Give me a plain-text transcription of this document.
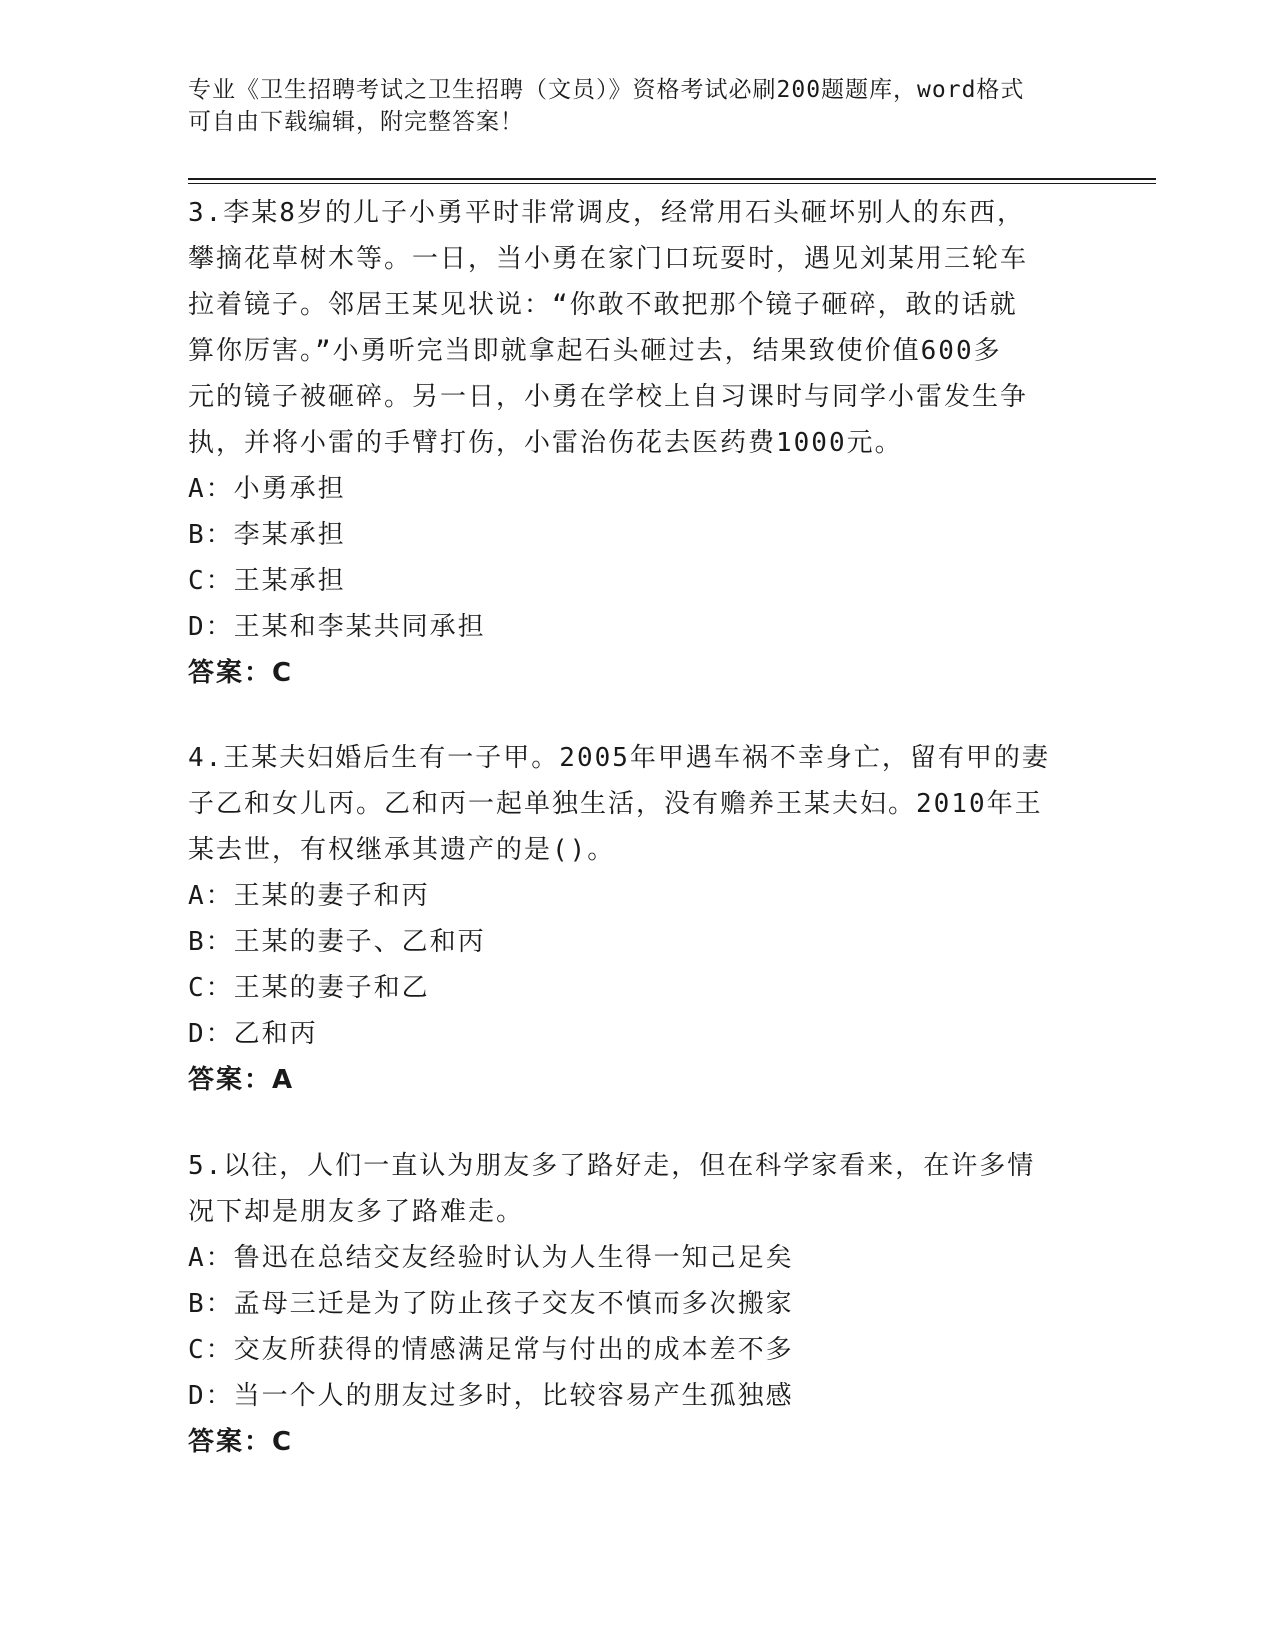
专业《卫生招聘考试之卫生招聘（文员）》资格考试必刷200题题库，word格式
可自由下载编辑，附完整答案！
3.李某8岁的儿子小勇平时非常调皮，经常用石头砸坏别人的东西，
攀摘花草树木等。一日，当小勇在家门口玩耍时，遇见刘某用三轮车
拉着镜子。邻居王某见状说：“你敢不敢把那个镜子砸碎，敢的话就
算你厉害。”小勇听完当即就拿起石头砸过去，结果致使价值600多
元的镜子被砸碎。另一日，小勇在学校上自习课时与同学小雷发生争
执，并将小雷的手臂打伤，小雷治伤花去医药费1000元。
A：小勇承担
B：李某承担
C：王某承担
D：王某和李某共同承担
答案：C
4.王某夫妇婚后生有一子甲。2005年甲遇车祸不幸身亡，留有甲的妻
子乙和女儿丙。乙和丙一起单独生活，没有赡养王某夫妇。2010年王
某去世，有权继承其遗产的是()。
A：王某的妻子和丙
B：王某的妻子、乙和丙
C：王某的妻子和乙
D：乙和丙
答案：A
5.以往，人们一直认为朋友多了路好走，但在科学家看来，在许多情
况下却是朋友多了路难走。
A：鲁迅在总结交友经验时认为人生得一知己足矣
B：孟母三迁是为了防止孩子交友不慎而多次搬家
C：交友所获得的情感满足常与付出的成本差不多
D：当一个人的朋友过多时，比较容易产生孤独感
答案：C
